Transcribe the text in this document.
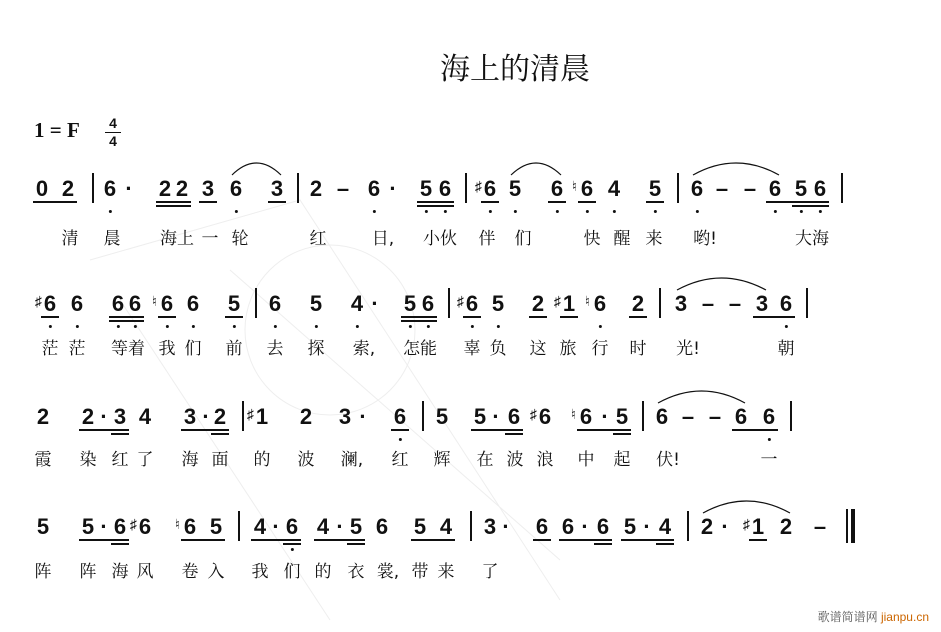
海上的清晨
1 = F 4
4
0 2 6 · 2 2 3 6 3 2 – 6 · 5 6 6
♯ 5 6 6
♮ 4 5 6 – – 6 5 6
清 晨 海上 一 轮	红	日, 小伙 伴 们	快 醒 来 哟!	大海
6
♯ 6 6 6 6
♮ 6 5 6 5 4 · 5 6 6
♯ 5 2 1
♯ 6
♮ 2 3 – – 3 6
茫 茫 等着 我 们 前 去 探 索, 怎能 辜 负 这 旅 行 时 光!	朝
2 2 · 3 4 3 · 2 1
♯ 2 3 · 6 5 5 · 6 6
♯ 6
♮ · 5 6 – – 6 6
霞 染 红 了 海 面 的 波 澜, 红 辉 在 波 浪 中 起 伏!	一
5 5 · 6 6
♯ 6
♮ 5 4 · 6 4 · 5 6 5 4 3 · 6 6 · 6 5 · 4 2 · 1
♯ 2 –
阵 阵 海 风 卷 入 我 们 的 衣 裳, 带 来 了
歌谱简谱网 jianpu.cn
